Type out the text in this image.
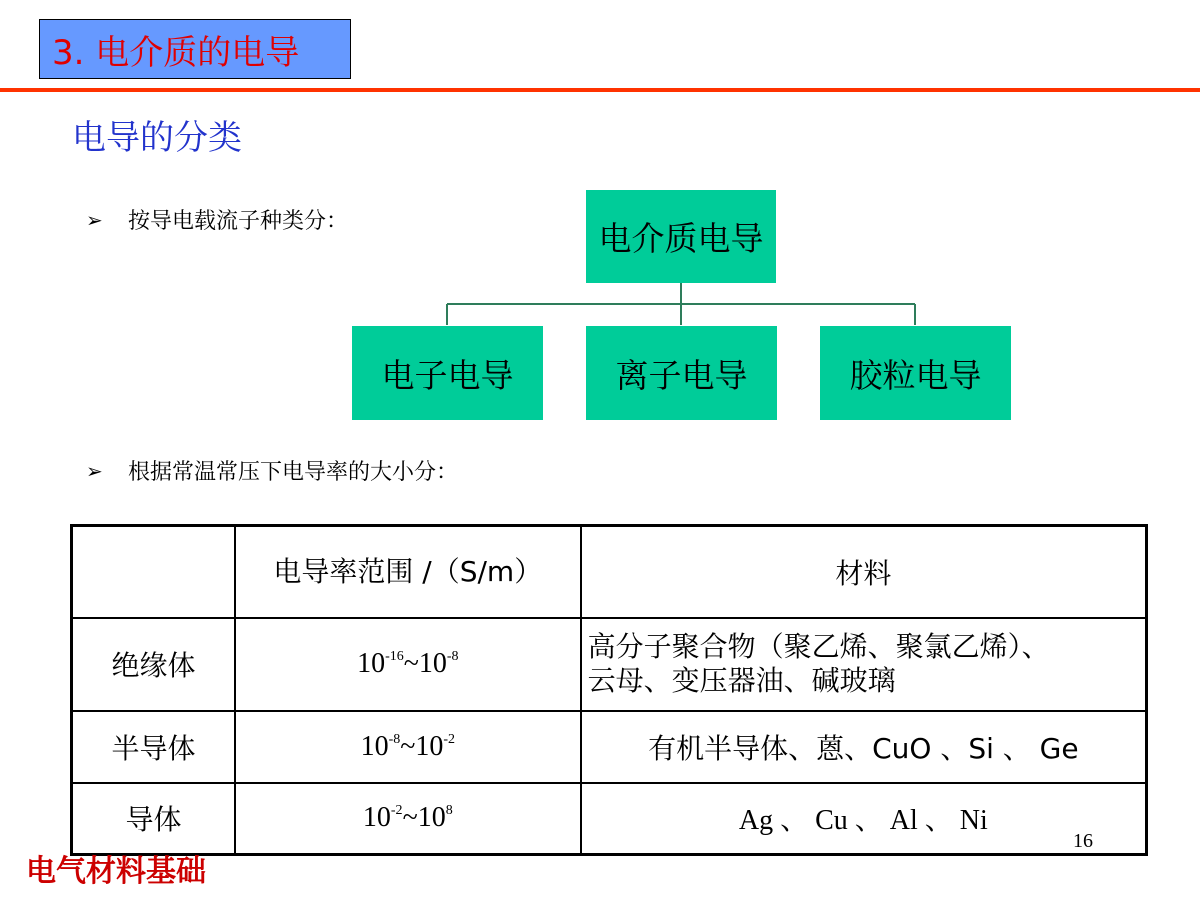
3. 电介质的电导
电导的分类
➢	按导电载流子种类分：	电介质电导
电子电导	离子电导	胶粒电导
➢	根据常温常压下电导率的大小分：

	电导率范围 /（S/m）	材料
绝缘体	$10^{-16}\sim 10^{-8}$	高分子聚合物（聚乙烯、聚氯乙烯）、
云母、变压器油、碱玻璃

半导体	$10^{-8}\sim 10^{-2}$	有机半导体、蒽、CuO 、Si 、 Ge
导体	$10^{-2}\sim 10^8$	Ag 、 Cu 、 Al 、 Ni
16
电气材料基础
